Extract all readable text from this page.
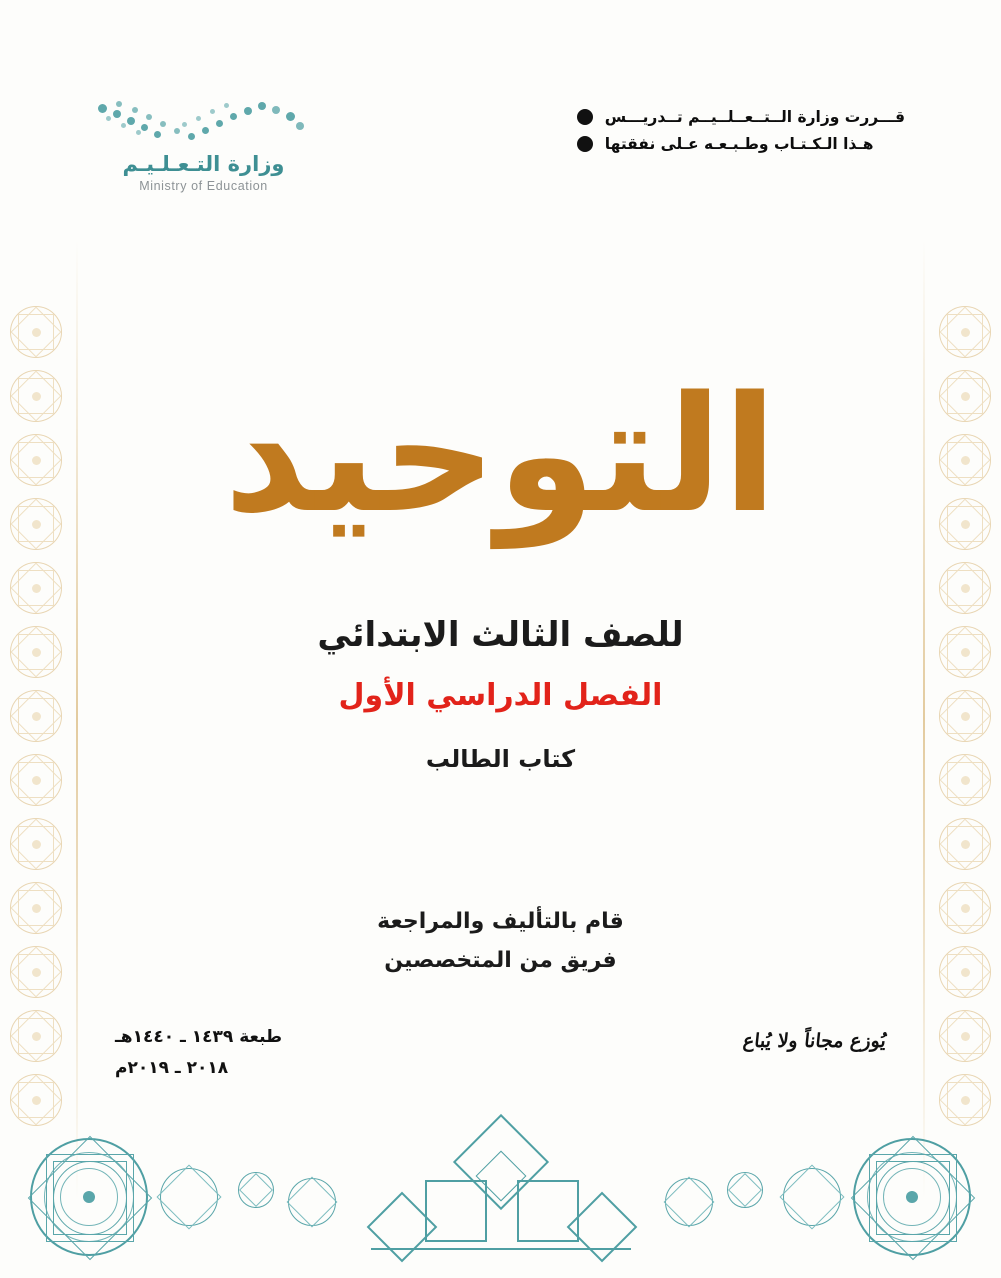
قـــررت وزارة الــتــعــلــيــم تــدريـــس
هـذا الـكـتـاب وطـبـعـه عـلى نفقتها
وزارة التـعـلـيـم
Ministry of Education
التوحيد
للصف الثالث الابتدائي
الفصل الدراسي الأول
كتاب الطالب
قام بالتأليف والمراجعة
فريق من المتخصصين
يُوزع مجاناً ولا يُباع
طبعة ١٤٣٩ ـ ١٤٤٠هـ
٢٠١٨ ـ ٢٠١٩م
